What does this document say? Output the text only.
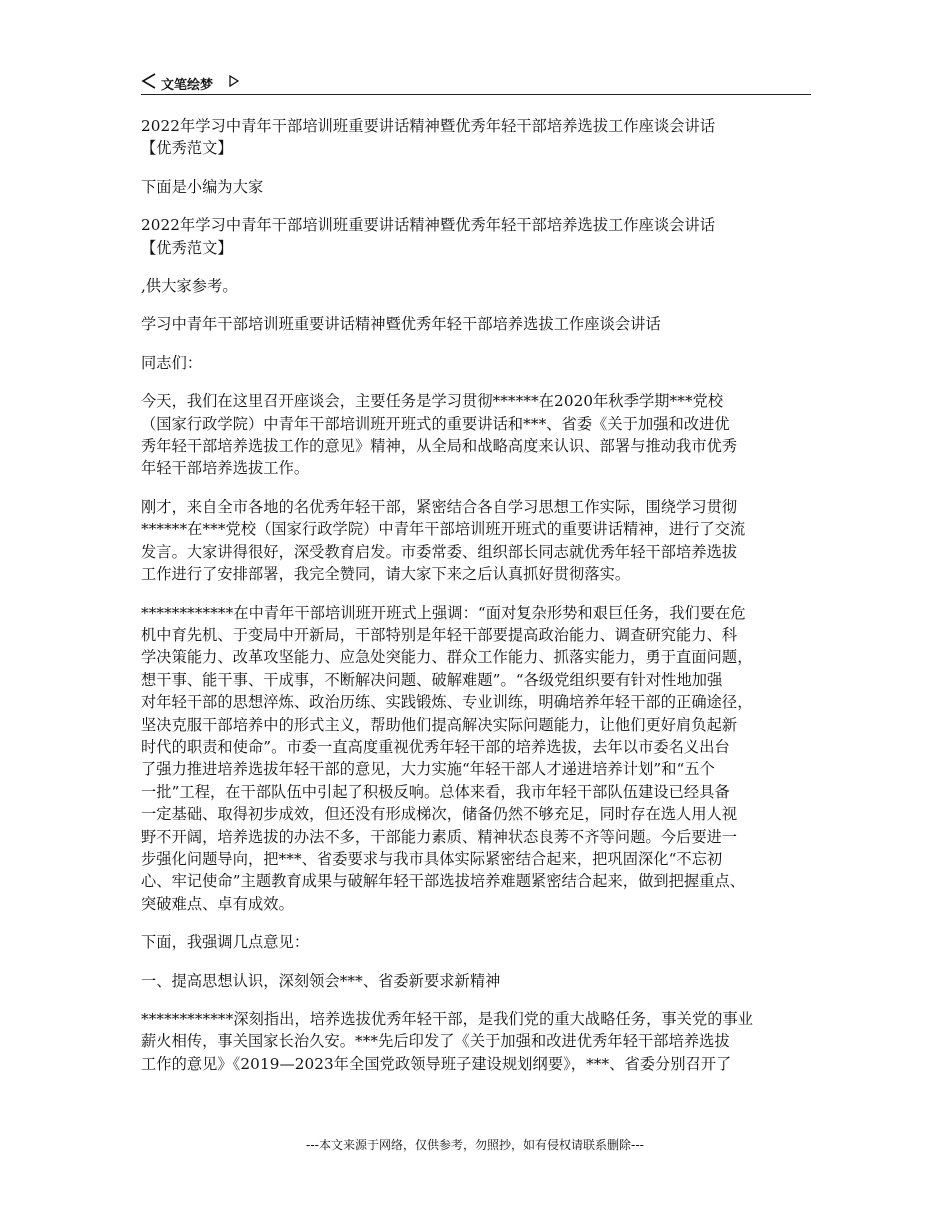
文笔绘梦
2022年学习中青年干部培训班重要讲话精神暨优秀年轻干部培养选拔工作座谈会讲话
【优秀范文】
下面是小编为大家
2022年学习中青年干部培训班重要讲话精神暨优秀年轻干部培养选拔工作座谈会讲话
【优秀范文】
,供大家参考。
学习中青年干部培训班重要讲话精神暨优秀年轻干部培养选拔工作座谈会讲话
同志们：
今天，我们在这里召开座谈会，主要任务是学习贯彻******在2020年秋季学期***党校
（国家行政学院）中青年干部培训班开班式的重要讲话和***、省委《关于加强和改进优
秀年轻干部培养选拔工作的意见》精神，从全局和战略高度来认识、部署与推动我市优秀
年轻干部培养选拔工作。
刚才，来自全市各地的名优秀年轻干部，紧密结合各自学习思想工作实际，围绕学习贯彻
******在***党校（国家行政学院）中青年干部培训班开班式的重要讲话精神，进行了交流
发言。大家讲得很好，深受教育启发。市委常委、组织部长同志就优秀年轻干部培养选拔
工作进行了安排部署，我完全赞同，请大家下来之后认真抓好贯彻落实。
************在中青年干部培训班开班式上强调：“面对复杂形势和艰巨任务，我们要在危
机中育先机、于变局中开新局，干部特别是年轻干部要提高政治能力、调查研究能力、科
学决策能力、改革攻坚能力、应急处突能力、群众工作能力、抓落实能力，勇于直面问题，
想干事、能干事、干成事，不断解决问题、破解难题”。“各级党组织要有针对性地加强
对年轻干部的思想淬炼、政治历练、实践锻炼、专业训练，明确培养年轻干部的正确途径，
坚决克服干部培养中的形式主义，帮助他们提高解决实际问题能力，让他们更好肩负起新
时代的职责和使命”。市委一直高度重视优秀年轻干部的培养选拔，去年以市委名义出台
了强力推进培养选拔年轻干部的意见，大力实施“年轻干部人才递进培养计划”和“五个
一批”工程，在干部队伍中引起了积极反响。总体来看，我市年轻干部队伍建设已经具备
一定基础、取得初步成效，但还没有形成梯次，储备仍然不够充足，同时存在选人用人视
野不开阔，培养选拔的办法不多，干部能力素质、精神状态良莠不齐等问题。今后要进一
步强化问题导向，把***、省委要求与我市具体实际紧密结合起来，把巩固深化“不忘初
心、牢记使命”主题教育成果与破解年轻干部选拔培养难题紧密结合起来，做到把握重点、
突破难点、卓有成效。
下面，我强调几点意见：
一、提高思想认识，深刻领会***、省委新要求新精神
************深刻指出，培养选拔优秀年轻干部，是我们党的重大战略任务，事关党的事业
薪火相传，事关国家长治久安。***先后印发了《关于加强和改进优秀年轻干部培养选拔
工作的意见》《2019—2023年全国党政领导班子建设规划纲要》，***、省委分别召开了
---本文来源于网络，仅供参考，勿照抄，如有侵权请联系删除---
